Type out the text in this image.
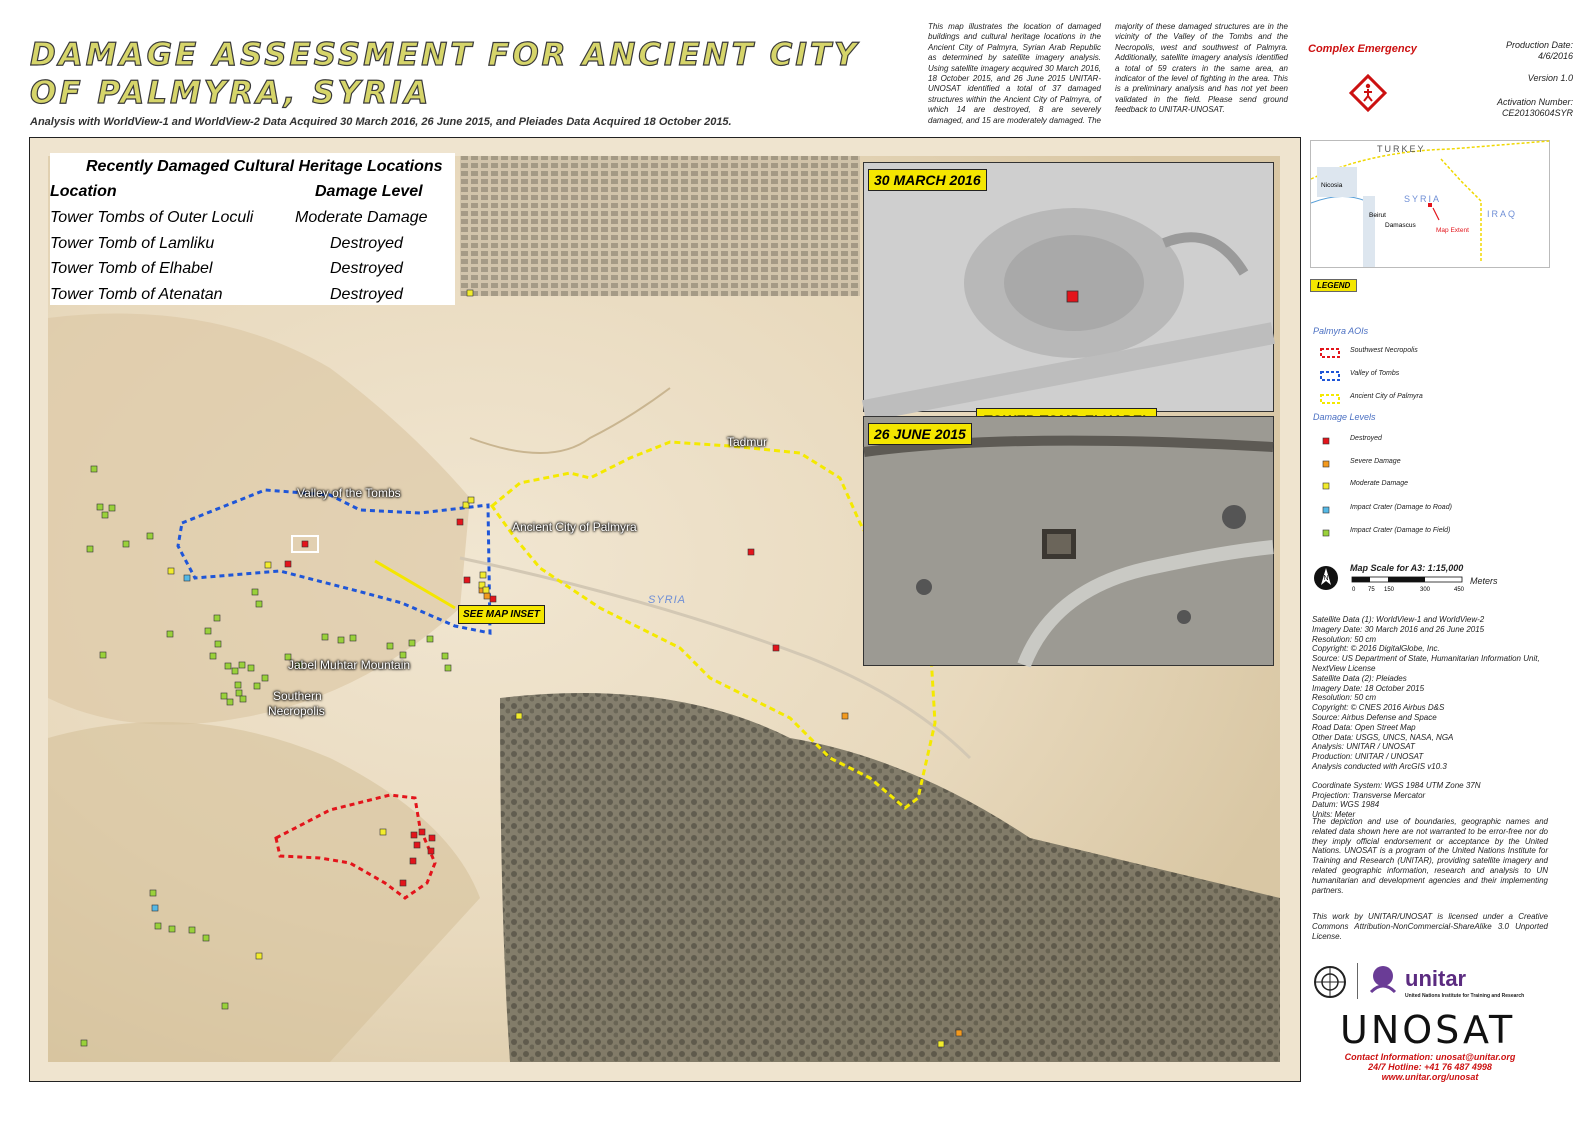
DAMAGE ASSESSMENT FOR ANCIENT CITY OF PALMYRA, SYRIA
Analysis with WorldView-1 and WorldView-2 Data Acquired 30 March 2016, 26 June 2015, and Pleiades Data Acquired 18 October 2015.
This map illustrates the location of damaged buildings and cultural heritage locations in the Ancient City of Palmyra, Syrian Arab Republic as determined by satellite imagery analysis. Using satellite imagery acquired 30 March 2016, 18 October 2015, and 26 June 2015 UNITAR-UNOSAT identified a total of 37 damaged structures within the Ancient City of Palmyra, of which 14 are destroyed, 8 are severely damaged, and 15 are moderately damaged. The majority of these damaged structures are in the vicinity of the Valley of the Tombs and the Necropolis, west and southwest of Palmyra. Additionally, satellite imagery analysis identified a total of 59 craters in the same area, an indicator of the level of fighting in the area. This is a preliminary analysis and has not yet been validated in the field. Please send ground feedback to UNITAR-UNOSAT.
Complex Emergency	Production Date:
4/6/2016
Version 1.0
Activation Number:
CE20130604SYR
Recently Damaged Cultural Heritage Locations
Location	Damage Level
Tower Tombs of Outer Loculi	Moderate Damage
Tower Tomb of Lamliku	Destroyed
Tower Tomb of Elhabel	Destroyed
Tower Tomb of Atenatan	Destroyed
Valley of the Tombs
Ancient City of Palmyra
Tadmur
SYRIA
Jabel Muhtar Mountain
Southern
Necropolis
SEE MAP INSET
30 MARCH 2016
26 JUNE 2015
TURKEY
SYRIA
IRAQ
Nicosia
Beirut
Damascus
Map Extent
LEGEND
Palmyra AOIs
Southwest Necropolis
Valley of Tombs
Ancient City of Palmyra
Damage Levels
Destroyed
Severe Damage
Moderate Damage
Impact Crater (Damage to Road)
Impact Crater (Damage to Field)
N
Map Scale for A3: 1:15,000
0 75 150	300	450
Meters

Satellite Data (1): WorldView-1 and WorldView-2

Imagery Date: 30 March 2016 and 26 June 2015

Resolution: 50 cm

Copyright: © 2016 DigitalGlobe, Inc.

Source: US Department of State, Humanitarian Information Unit, NextView License

Satellite Data (2): Pleiades

Imagery Date: 18 October 2015

Resolution: 50 cm

Copyright: © CNES 2016 Airbus D&S

Source: Airbus Defense and Space

Road Data: Open Street Map

Other Data: USGS, UNCS, NASA, NGA

Analysis: UNITAR / UNOSAT

Production: UNITAR / UNOSAT

Analysis conducted with ArcGIS v10.3

Coordinate System: WGS 1984 UTM Zone 37N

Projection: Transverse Mercator

Datum: WGS 1984

Units: Meter

The depiction and use of boundaries, geographic names and related data shown here are not warranted to be error-free nor do they imply official endorsement or acceptance by the United Nations. UNOSAT is a program of the United Nations Institute for Training and Research (UNITAR), providing satellite imagery and related geographic information, research and analysis to UN humanitarian and development agencies and their implementing partners.
This work by UNITAR/UNOSAT is licensed under a Creative Commons Attribution-NonCommercial-ShareAlike 3.0 Unported License.
unitar
United Nations Institute for Training and Research
UNOSAT
Contact Information: unosat@unitar.org
24/7 Hotline: +41 76 487 4998
www.unitar.org/unosat
